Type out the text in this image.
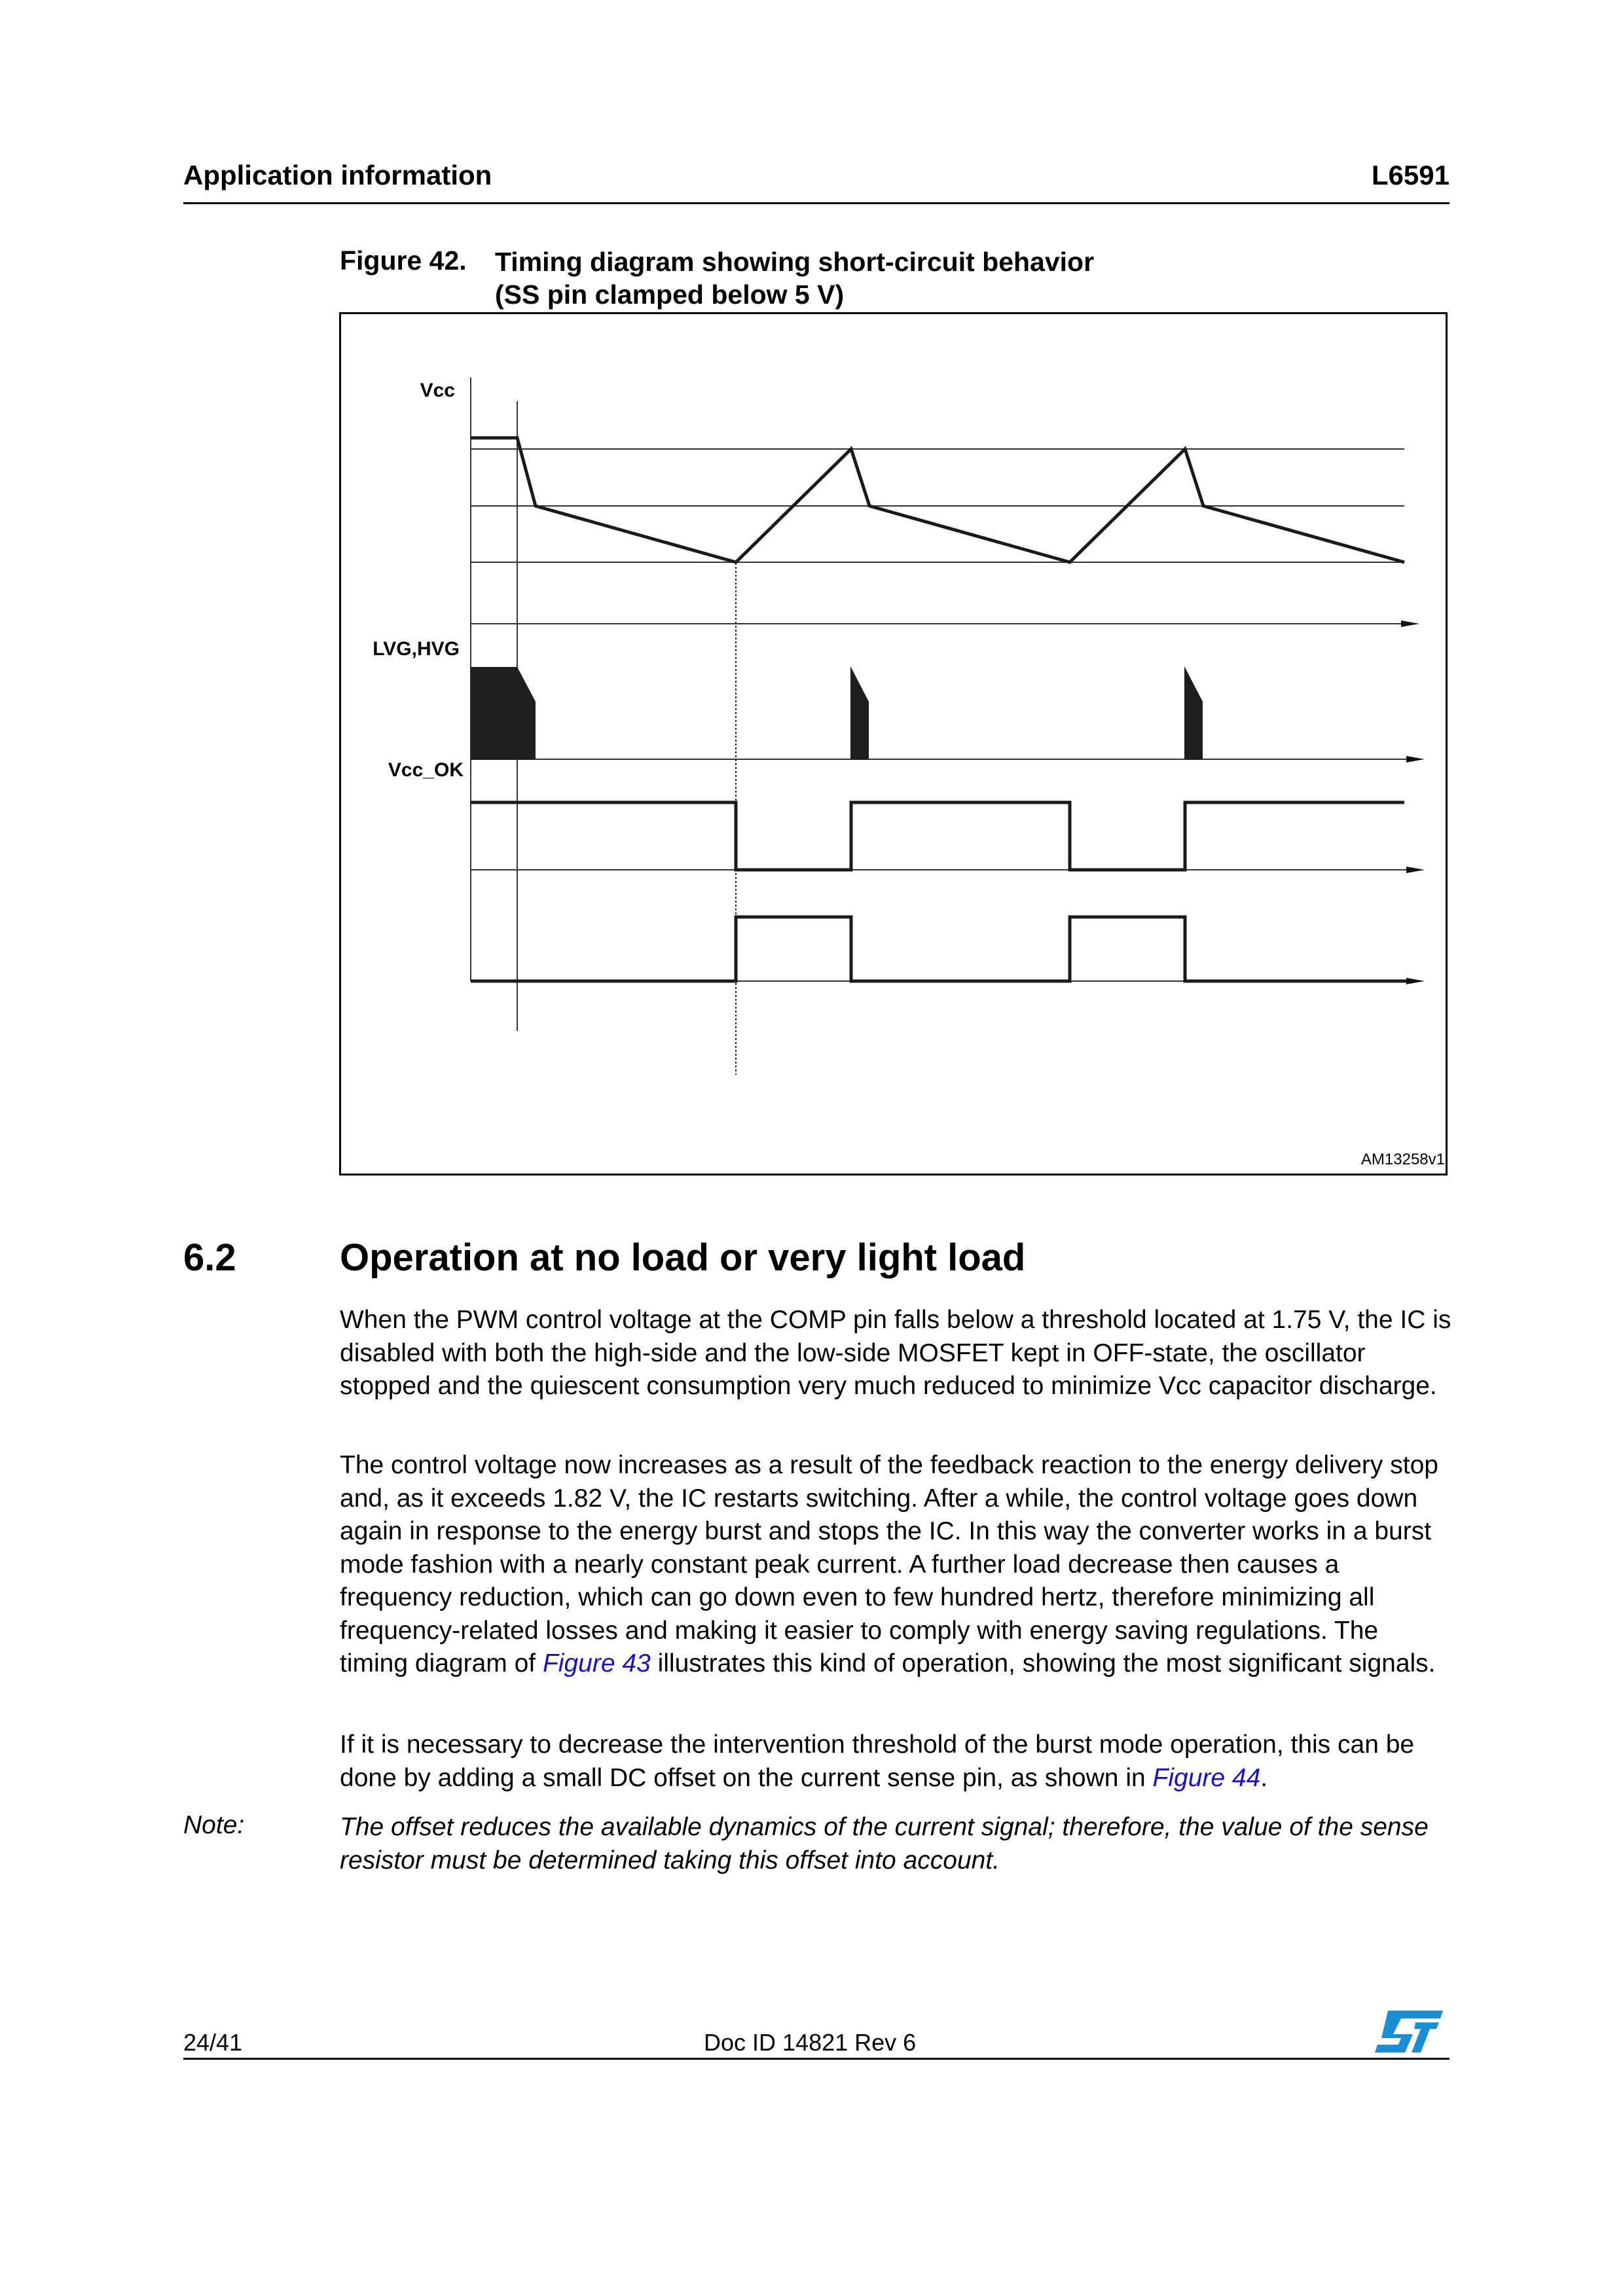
Application information	L6591
Figure 42. Timing diagram showing short-circuit behavior
(SS pin clamped below 5 V)
Vcc
LVG,HVG
Vcc_OK
AM13258v1
6.2	Operation at no load or very light load
When the PWM control voltage at the COMP pin falls below a threshold located at 1.75 V, the IC is disabled with both the high-side and the low-side MOSFET kept in OFF-state, the oscillator stopped and the quiescent consumption very much reduced to minimize Vcc capacitor discharge.
The control voltage now increases as a result of the feedback reaction to the energy delivery stop and, as it exceeds 1.82 V, the IC restarts switching. After a while, the control voltage goes down again in response to the energy burst and stops the IC. In this way the converter works in a burst mode fashion with a nearly constant peak current. A further load decrease then causes a frequency reduction, which can go down even to few hundred hertz, therefore minimizing all frequency-related losses and making it easier to comply with energy saving regulations. The timing diagram of Figure 43 illustrates this kind of operation, showing the most significant signals.
If it is necessary to decrease the intervention threshold of the burst mode operation, this can be done by adding a small DC offset on the current sense pin, as shown in Figure 44.
Note:	The offset reduces the available dynamics of the current signal; therefore, the value of the sense resistor must be determined taking this offset into account.
24/41	Doc ID 14821 Rev 6
